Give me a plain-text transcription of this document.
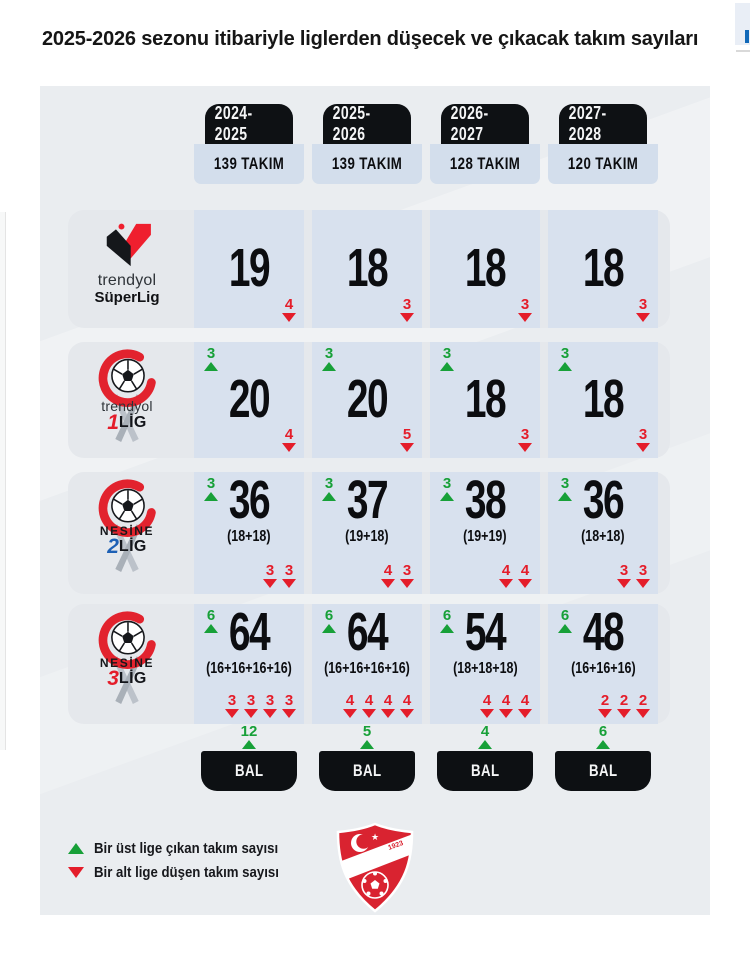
2025-2026 sezonu itibariyle liglerden düşecek ve çıkacak takım sayıları
2024-2025
139 TAKIM
2025-2026
139 TAKIM
2026-2027
128 TAKIM
2027-2028
120 TAKIM
trendyol
SüperLig	19
4
18
3
18
3
18
3
trendyol
1LİG
3
20
4
3
20
5
3
18
3
3
18
3
NESİNE
2LİG
3 36
(18+18)
3 3
3 37
(19+18)
4 3
3 38
(19+19)
4 4
3 36
(18+18)
3 3
NESİNE
3LİG
6 64
(16+16+16+16)
3 3 3 3
6 64
(16+16+16+16)
4 4 4 4
6 54
(18+18+18)
4 4 4
6 48
(16+16+16)
2 2 2
12
BAL
5
BAL
4
BAL
6
BAL
Bir üst lige çıkan takım sayısı
Bir alt lige düşen takım sayısı
★
1923
